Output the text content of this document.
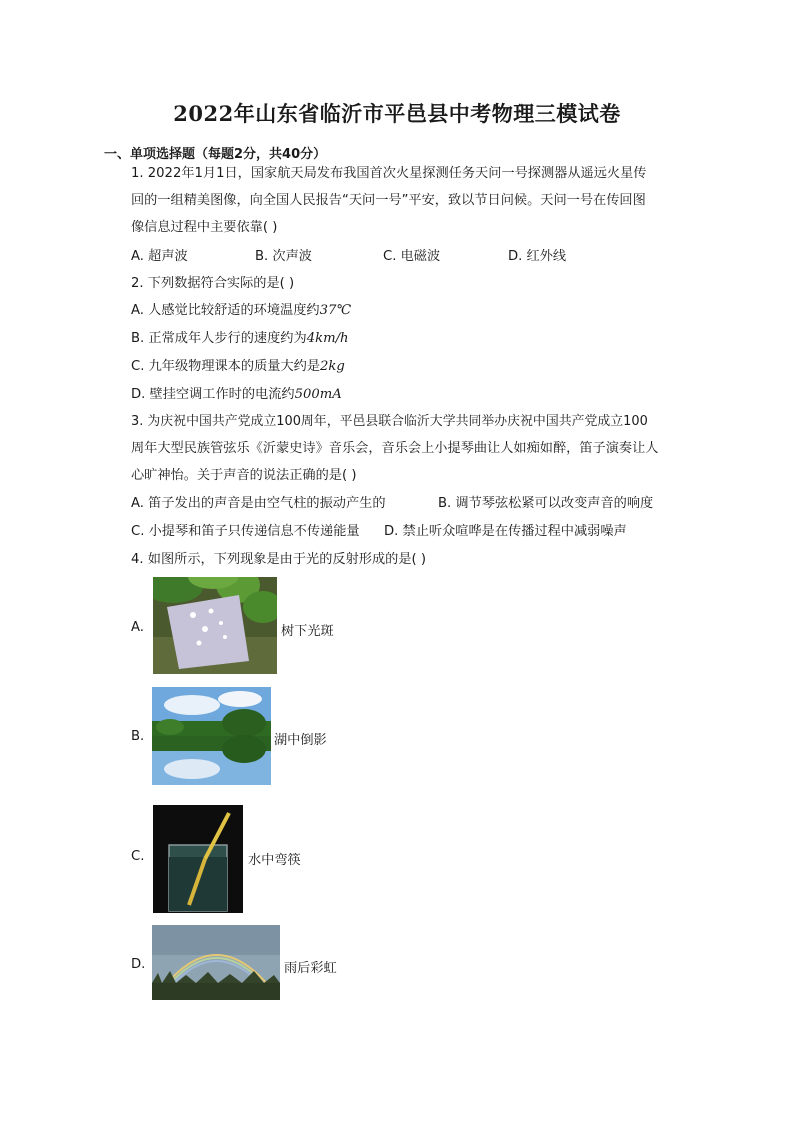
2022年山东省临沂市平邑县中考物理三模试卷
一、单项选择题（每题2分，共40分）
1. 2022年1月1日，国家航天局发布我国首次火星探测任务天问一号探测器从遥远火星传
回的一组精美图像，向全国人民报告“天问一号”平安，致以节日问候。天问一号在传回图
像信息过程中主要依靠( )
A. 超声波	B. 次声波	C. 电磁波	D. 红外线
2. 下列数据符合实际的是( )
A. 人感觉比较舒适的环境温度约37℃
B. 正常成年人步行的速度约为4km/h
C. 九年级物理课本的质量大约是2kg
D. 壁挂空调工作时的电流约500mA
3. 为庆祝中国共产党成立100周年，平邑县联合临沂大学共同举办庆祝中国共产党成立100
周年大型民族管弦乐《沂蒙史诗》音乐会，音乐会上小提琴曲让人如痴如醉，笛子演奏让人
心旷神怡。关于声音的说法正确的是( )
A. 笛子发出的声音是由空气柱的振动产生的	B. 调节琴弦松紧可以改变声音的响度
C. 小提琴和笛子只传递信息不传递能量 D. 禁止听众喧哗是在传播过程中减弱噪声
4. 如图所示，下列现象是由于光的反射形成的是( )
A.	树下光斑
B.	湖中倒影
C.	水中弯筷
D.	雨后彩虹
